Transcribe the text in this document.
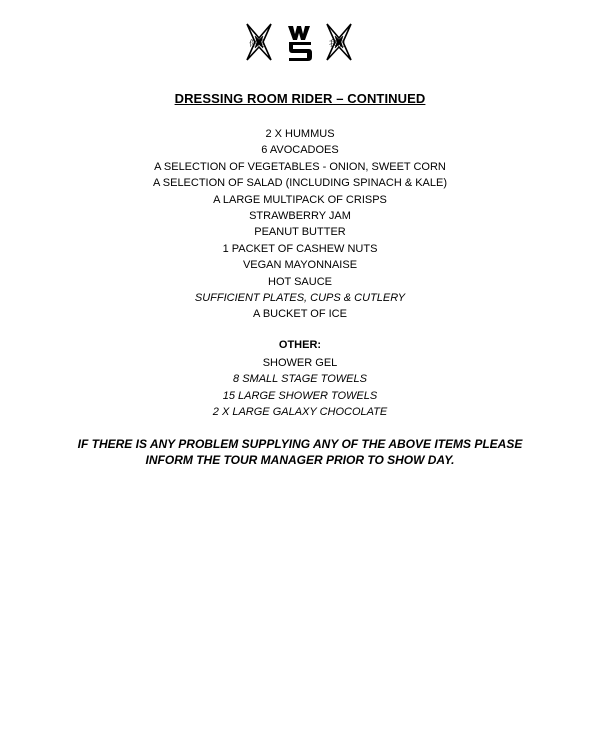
你是	我们
DRESSING ROOM RIDER – CONTINUED
2 X HUMMUS
6 AVOCADOES
A SELECTION OF VEGETABLES - ONION, SWEET CORN
A SELECTION OF SALAD (INCLUDING SPINACH & KALE)
A LARGE MULTIPACK OF CRISPS
STRAWBERRY JAM
PEANUT BUTTER
1 PACKET OF CASHEW NUTS
VEGAN MAYONNAISE
HOT SAUCE
SUFFICIENT PLATES, CUPS & CUTLERY
A BUCKET OF ICE
OTHER:
SHOWER GEL
8 SMALL STAGE TOWELS
15 LARGE SHOWER TOWELS
2 X LARGE GALAXY CHOCOLATE
IF THERE IS ANY PROBLEM SUPPLYING ANY OF THE ABOVE ITEMS PLEASE
INFORM THE TOUR MANAGER PRIOR TO SHOW DAY.
